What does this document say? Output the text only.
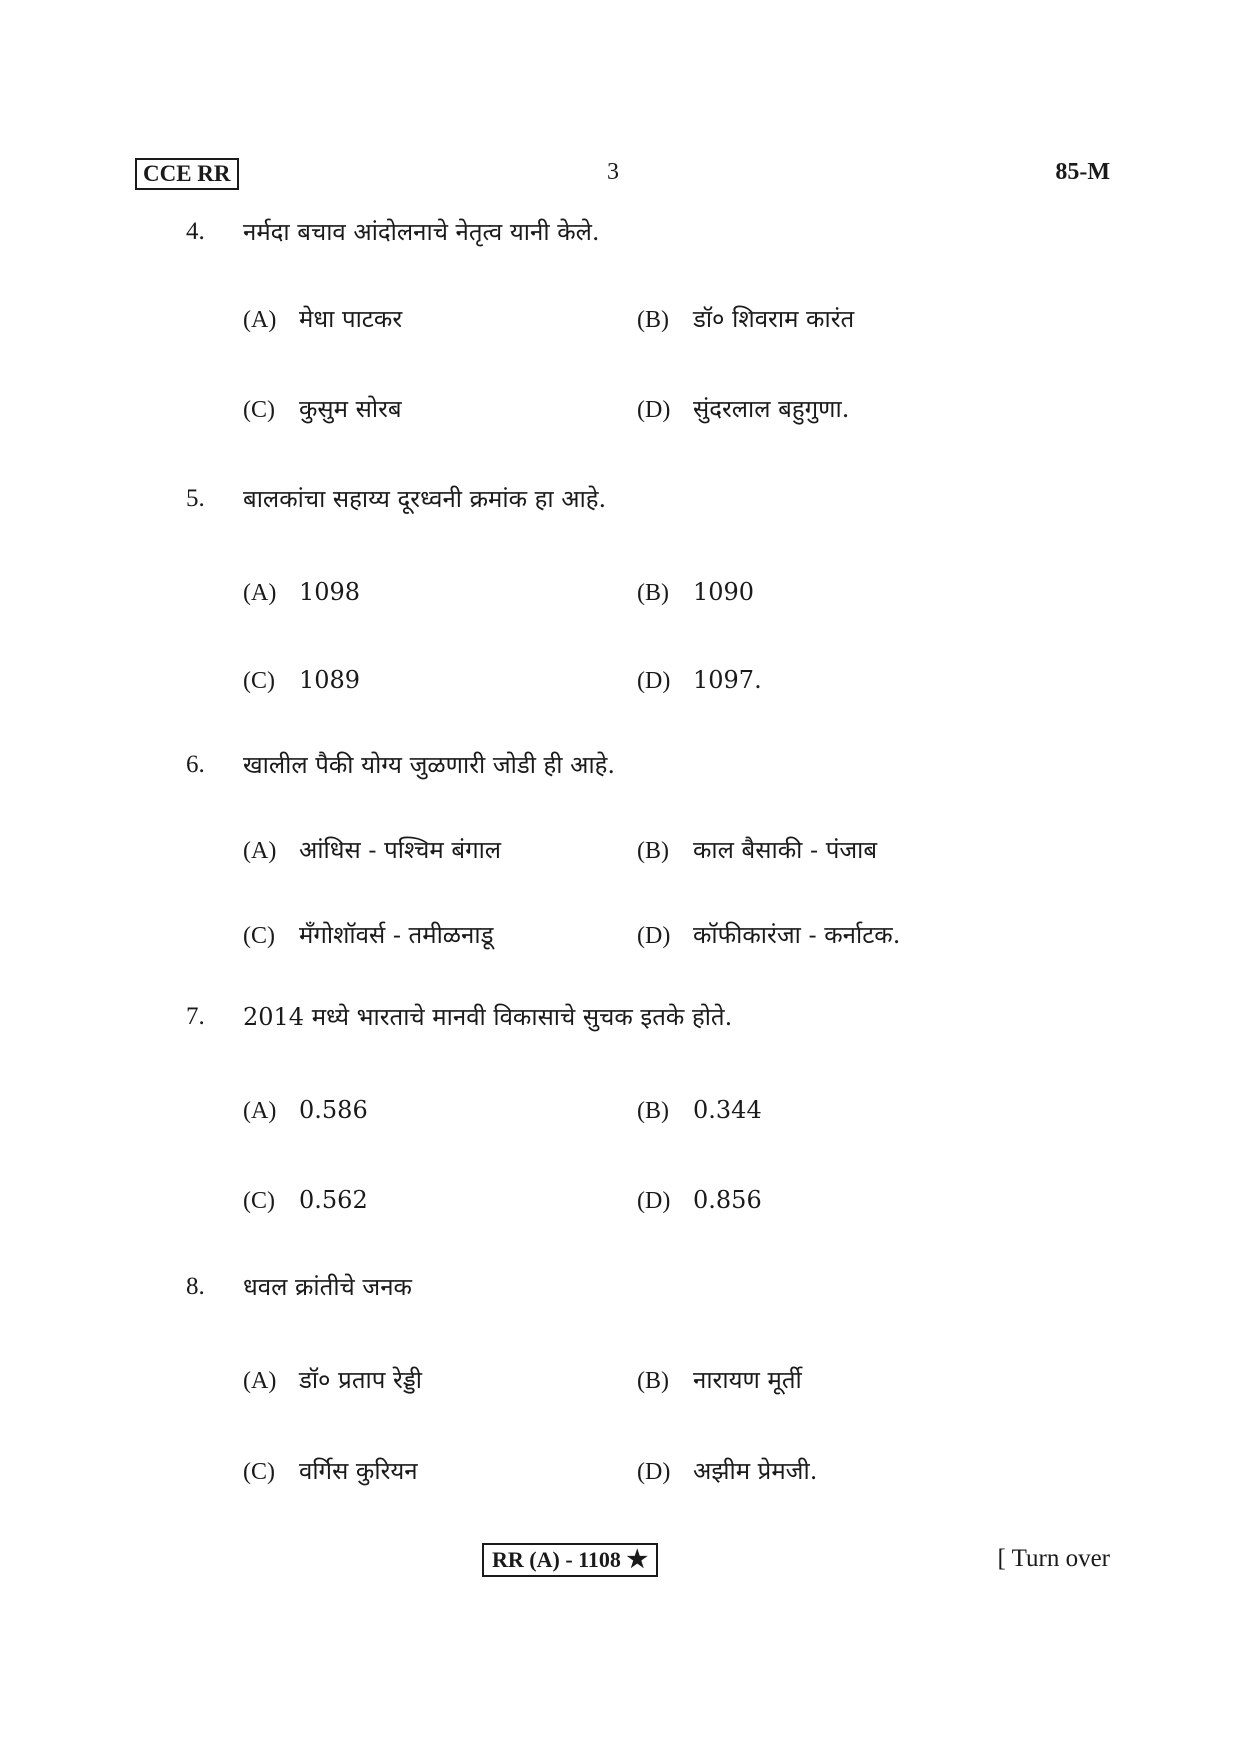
CCE RR	3	85-M
4. नर्मदा बचाव आंदोलनाचे नेतृत्व यानी केले.
(A) मेधा पाटकर	(B) डॉ० शिवराम कारंत
(C) कुसुम सोरब	(D) सुंदरलाल बहुगुणा.
5. बालकांचा सहाय्य दूरध्वनी क्रमांक हा आहे.
(A) 1098	(B) 1090
(C) 1089	(D) 1097.
6. खालील पैकी योग्य जुळणारी जोडी ही आहे.
(A) आंधिस - पश्चिम बंगाल	(B) काल बैसाकी - पंजाब
(C) मँगोशॉवर्स - तमीळनाडू	(D) कॉफीकारंजा - कर्नाटक.
7. 2014 मध्ये भारताचे मानवी विकासाचे सुचक इतके होते.
(A) 0.586	(B) 0.344
(C) 0.562	(D) 0.856
8. धवल क्रांतीचे जनक
(A) डॉ० प्रताप रेड्डी	(B) नारायण मूर्ती
(C) वर्गिस कुरियन	(D) अझीम प्रेमजी.
RR (A) - 1108 ★	[ Turn over
